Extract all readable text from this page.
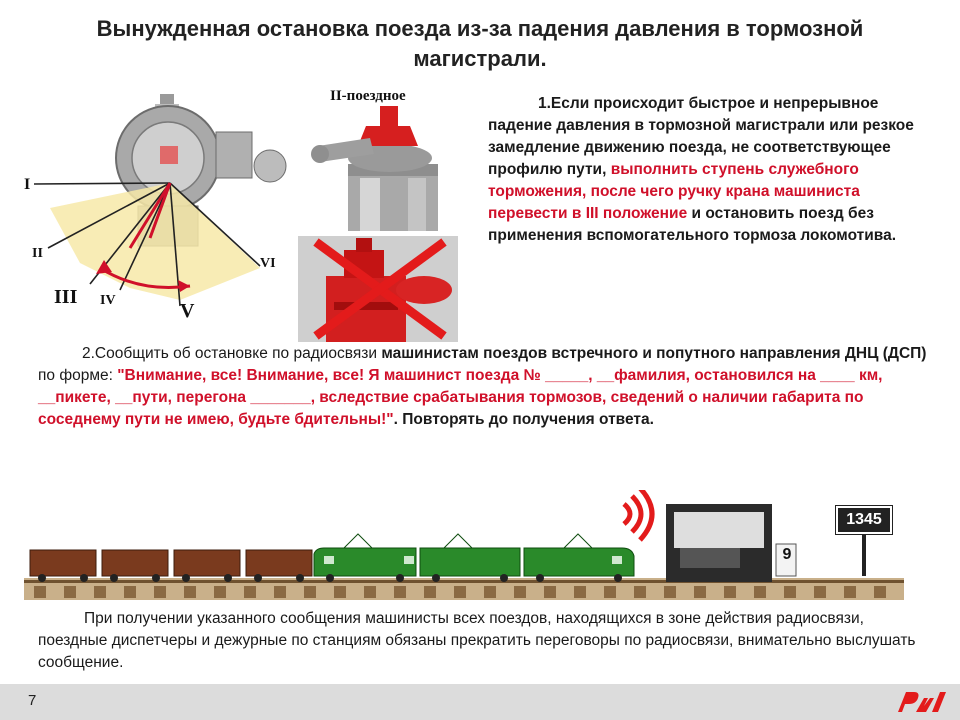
Вынужденная остановка поезда из-за падения давления в тормозной магистрали.
I
II
III IV	V
VI
II-поездное	1.Если происходит быстрое и непрерывное падение давления в тормозной магистрали или резкое замедление движению поезда, не соответствующее профилю пути, выполнить ступень служебного торможения, после чего ручку крана машиниста перевести в III положение и остановить поезд без применения вспомогательного тормоза локомотива.
2.Сообщить об остановке по радиосвязи машинистам поездов встречного и попутного направления ДНЦ (ДСП) по форме: "Внимание, все! Внимание, все! Я машинист поезда № _____, __фамилия, остановился на ____ км, __пикете, __пути, перегона _______, вследствие срабатывания тормозов, сведений о наличии габарита по соседнему пути не имею, будьте бдительны!". Повторять до получения ответа.
9
1345
При получении указанного сообщения машинисты всех поездов, находящихся в зоне действия радиосвязи, поездные диспетчеры и дежурные по станциям обязаны прекратить переговоры по радиосвязи, внимательно выслушать сообщение.
7
